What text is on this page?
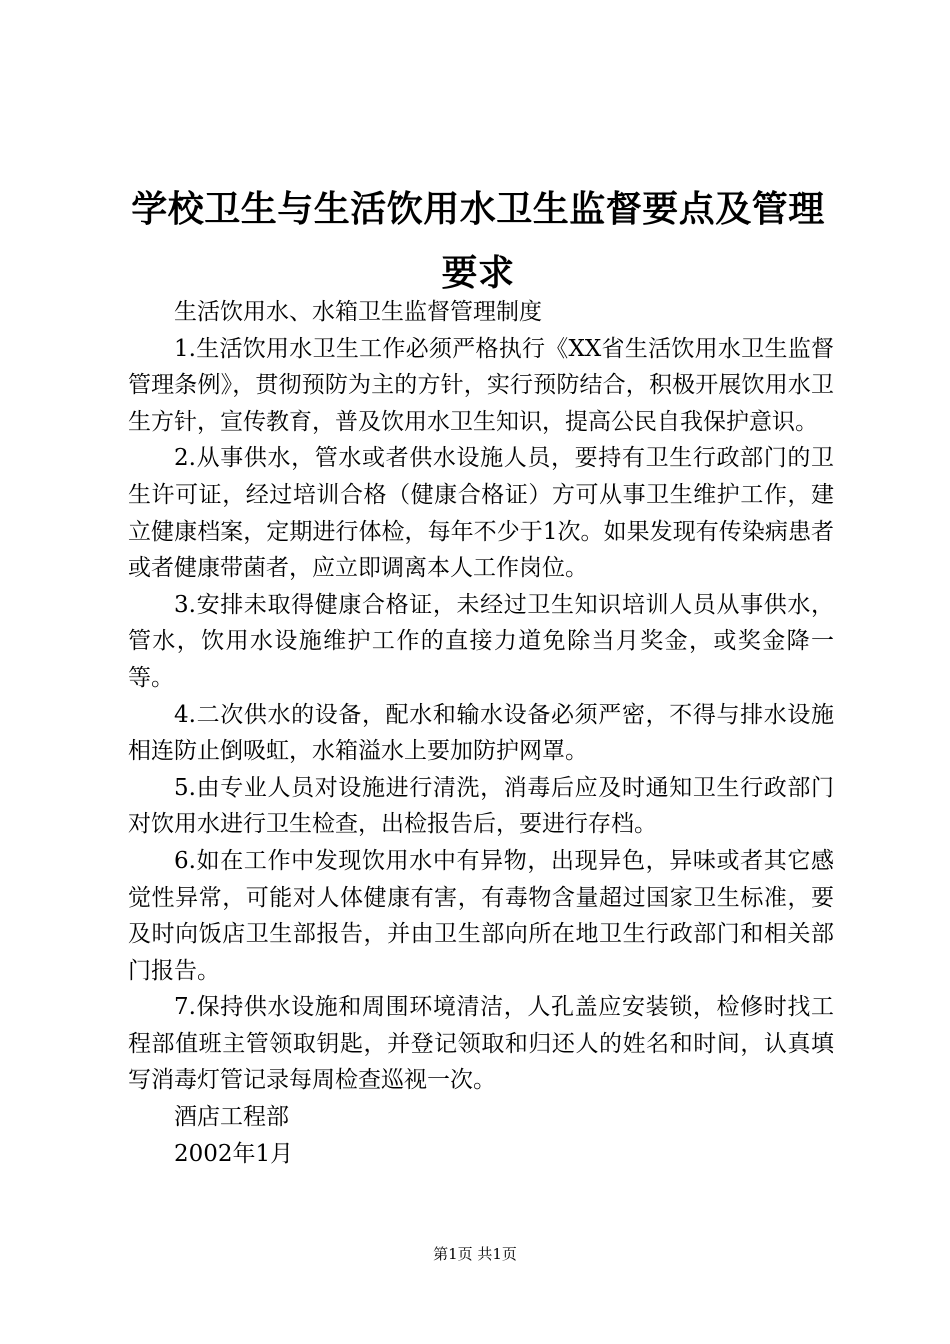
学校卫生与生活饮用水卫生监督要点及管理要求

生活饮用水、水箱卫生监督管理制度

1.生活饮用水卫生工作必须严格执行《XX省生活饮用水卫生监督管理条例》，贯彻预防为主的方针，实行预防结合，积极开展饮用水卫生方针，宣传教育，普及饮用水卫生知识，提高公民自我保护意识。

2.从事供水，管水或者供水设施人员，要持有卫生行政部门的卫生许可证，经过培训合格（健康合格证）方可从事卫生维护工作，建立健康档案，定期进行体检，每年不少于1次。如果发现有传染病患者或者健康带菌者，应立即调离本人工作岗位。

3.安排未取得健康合格证，未经过卫生知识培训人员从事供水，管水，饮用水设施维护工作的直接力道免除当月奖金，或奖金降一等。

4.二次供水的设备，配水和输水设备必须严密，不得与排水设施相连防止倒吸虹，水箱溢水上要加防护网罩。

5.由专业人员对设施进行清洗，消毒后应及时通知卫生行政部门对饮用水进行卫生检查，出检报告后，要进行存档。

6.如在工作中发现饮用水中有异物，出现异色，异味或者其它感觉性异常，可能对人体健康有害，有毒物含量超过国家卫生标准，要及时向饭店卫生部报告，并由卫生部向所在地卫生行政部门和相关部门报告。

7.保持供水设施和周围环境清洁，人孔盖应安装锁，检修时找工程部值班主管领取钥匙，并登记领取和归还人的姓名和时间，认真填写消毒灯管记录每周检查巡视一次。

酒店工程部

2002年1月

第1页 共1页
